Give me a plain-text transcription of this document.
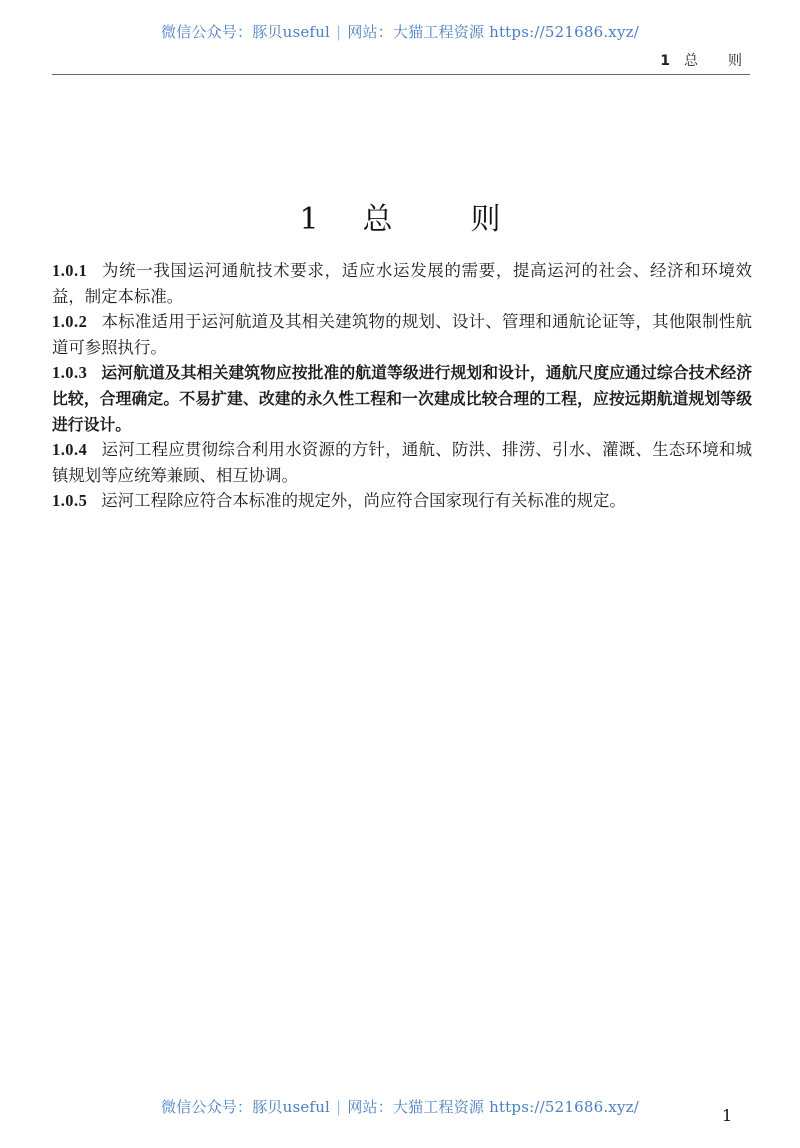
微信公众号：豚贝useful | 网站：大猫工程资源 https://521686.xyz/
1 总 则
1 总	则

1.0.1 为统一我国运河通航技术要求，适应水运发展的需要，提高运河的社会、经济和环境效益，制定本标准。

1.0.2 本标准适用于运河航道及其相关建筑物的规划、设计、管理和通航论证等，其他限制性航道可参照执行。

1.0.3 运河航道及其相关建筑物应按批准的航道等级进行规划和设计，通航尺度应通过综合技术经济比较，合理确定。不易扩建、改建的永久性工程和一次建成比较合理的工程，应按远期航道规划等级进行设计。

1.0.4 运河工程应贯彻综合利用水资源的方针，通航、防洪、排涝、引水、灌溉、生态环境和城镇规划等应统筹兼顾、相互协调。

1.0.5 运河工程除应符合本标准的规定外，尚应符合国家现行有关标准的规定。

微信公众号：豚贝useful | 网站：大猫工程资源 https://521686.xyz/	1
